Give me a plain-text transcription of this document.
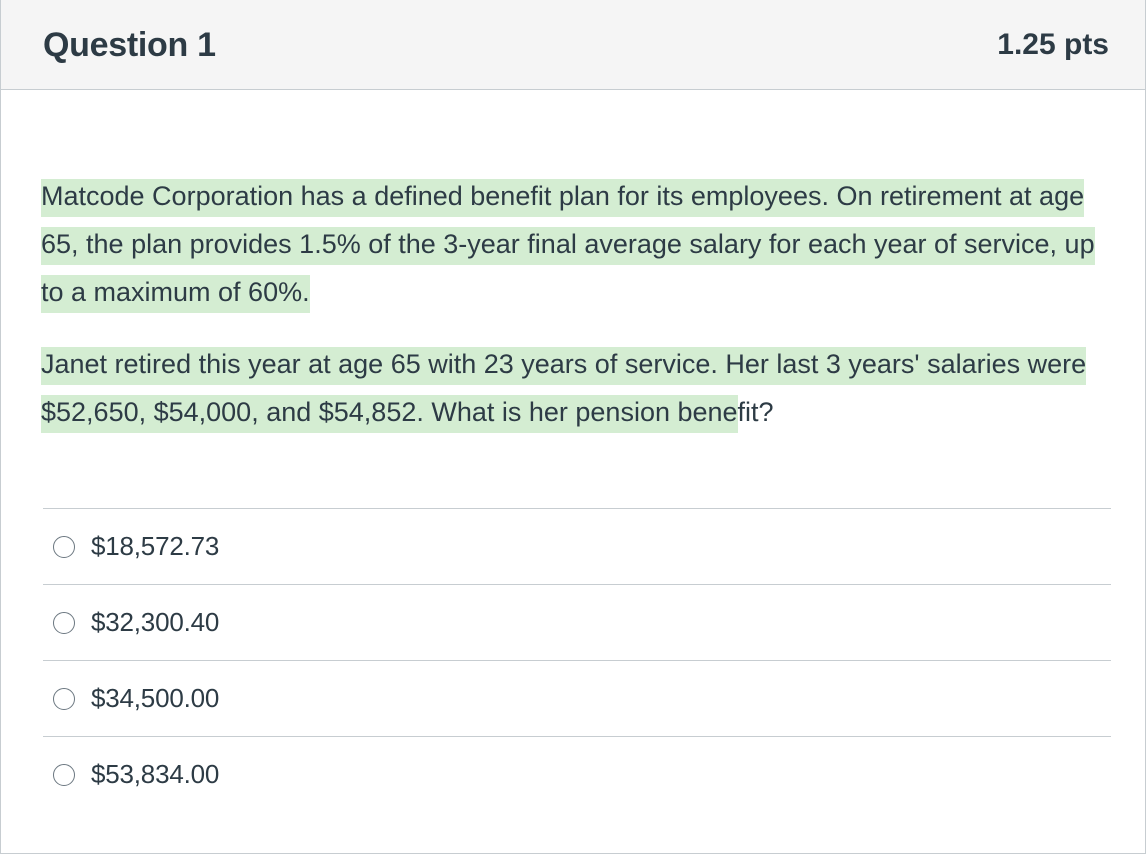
Question 1	1.25 pts

Matcode Corporation has a defined benefit plan for its employees. On retirement at age 65, the plan provides 1.5% of the 3-year final average salary for each year of service, up to a maximum of 60%.

Janet retired this year at age 65 with 23 years of service. Her last 3 years' salaries were $52,650, $54,000, and $54,852. What is her pension benefit?

$18,572.73
$32,300.40
$34,500.00
$53,834.00
